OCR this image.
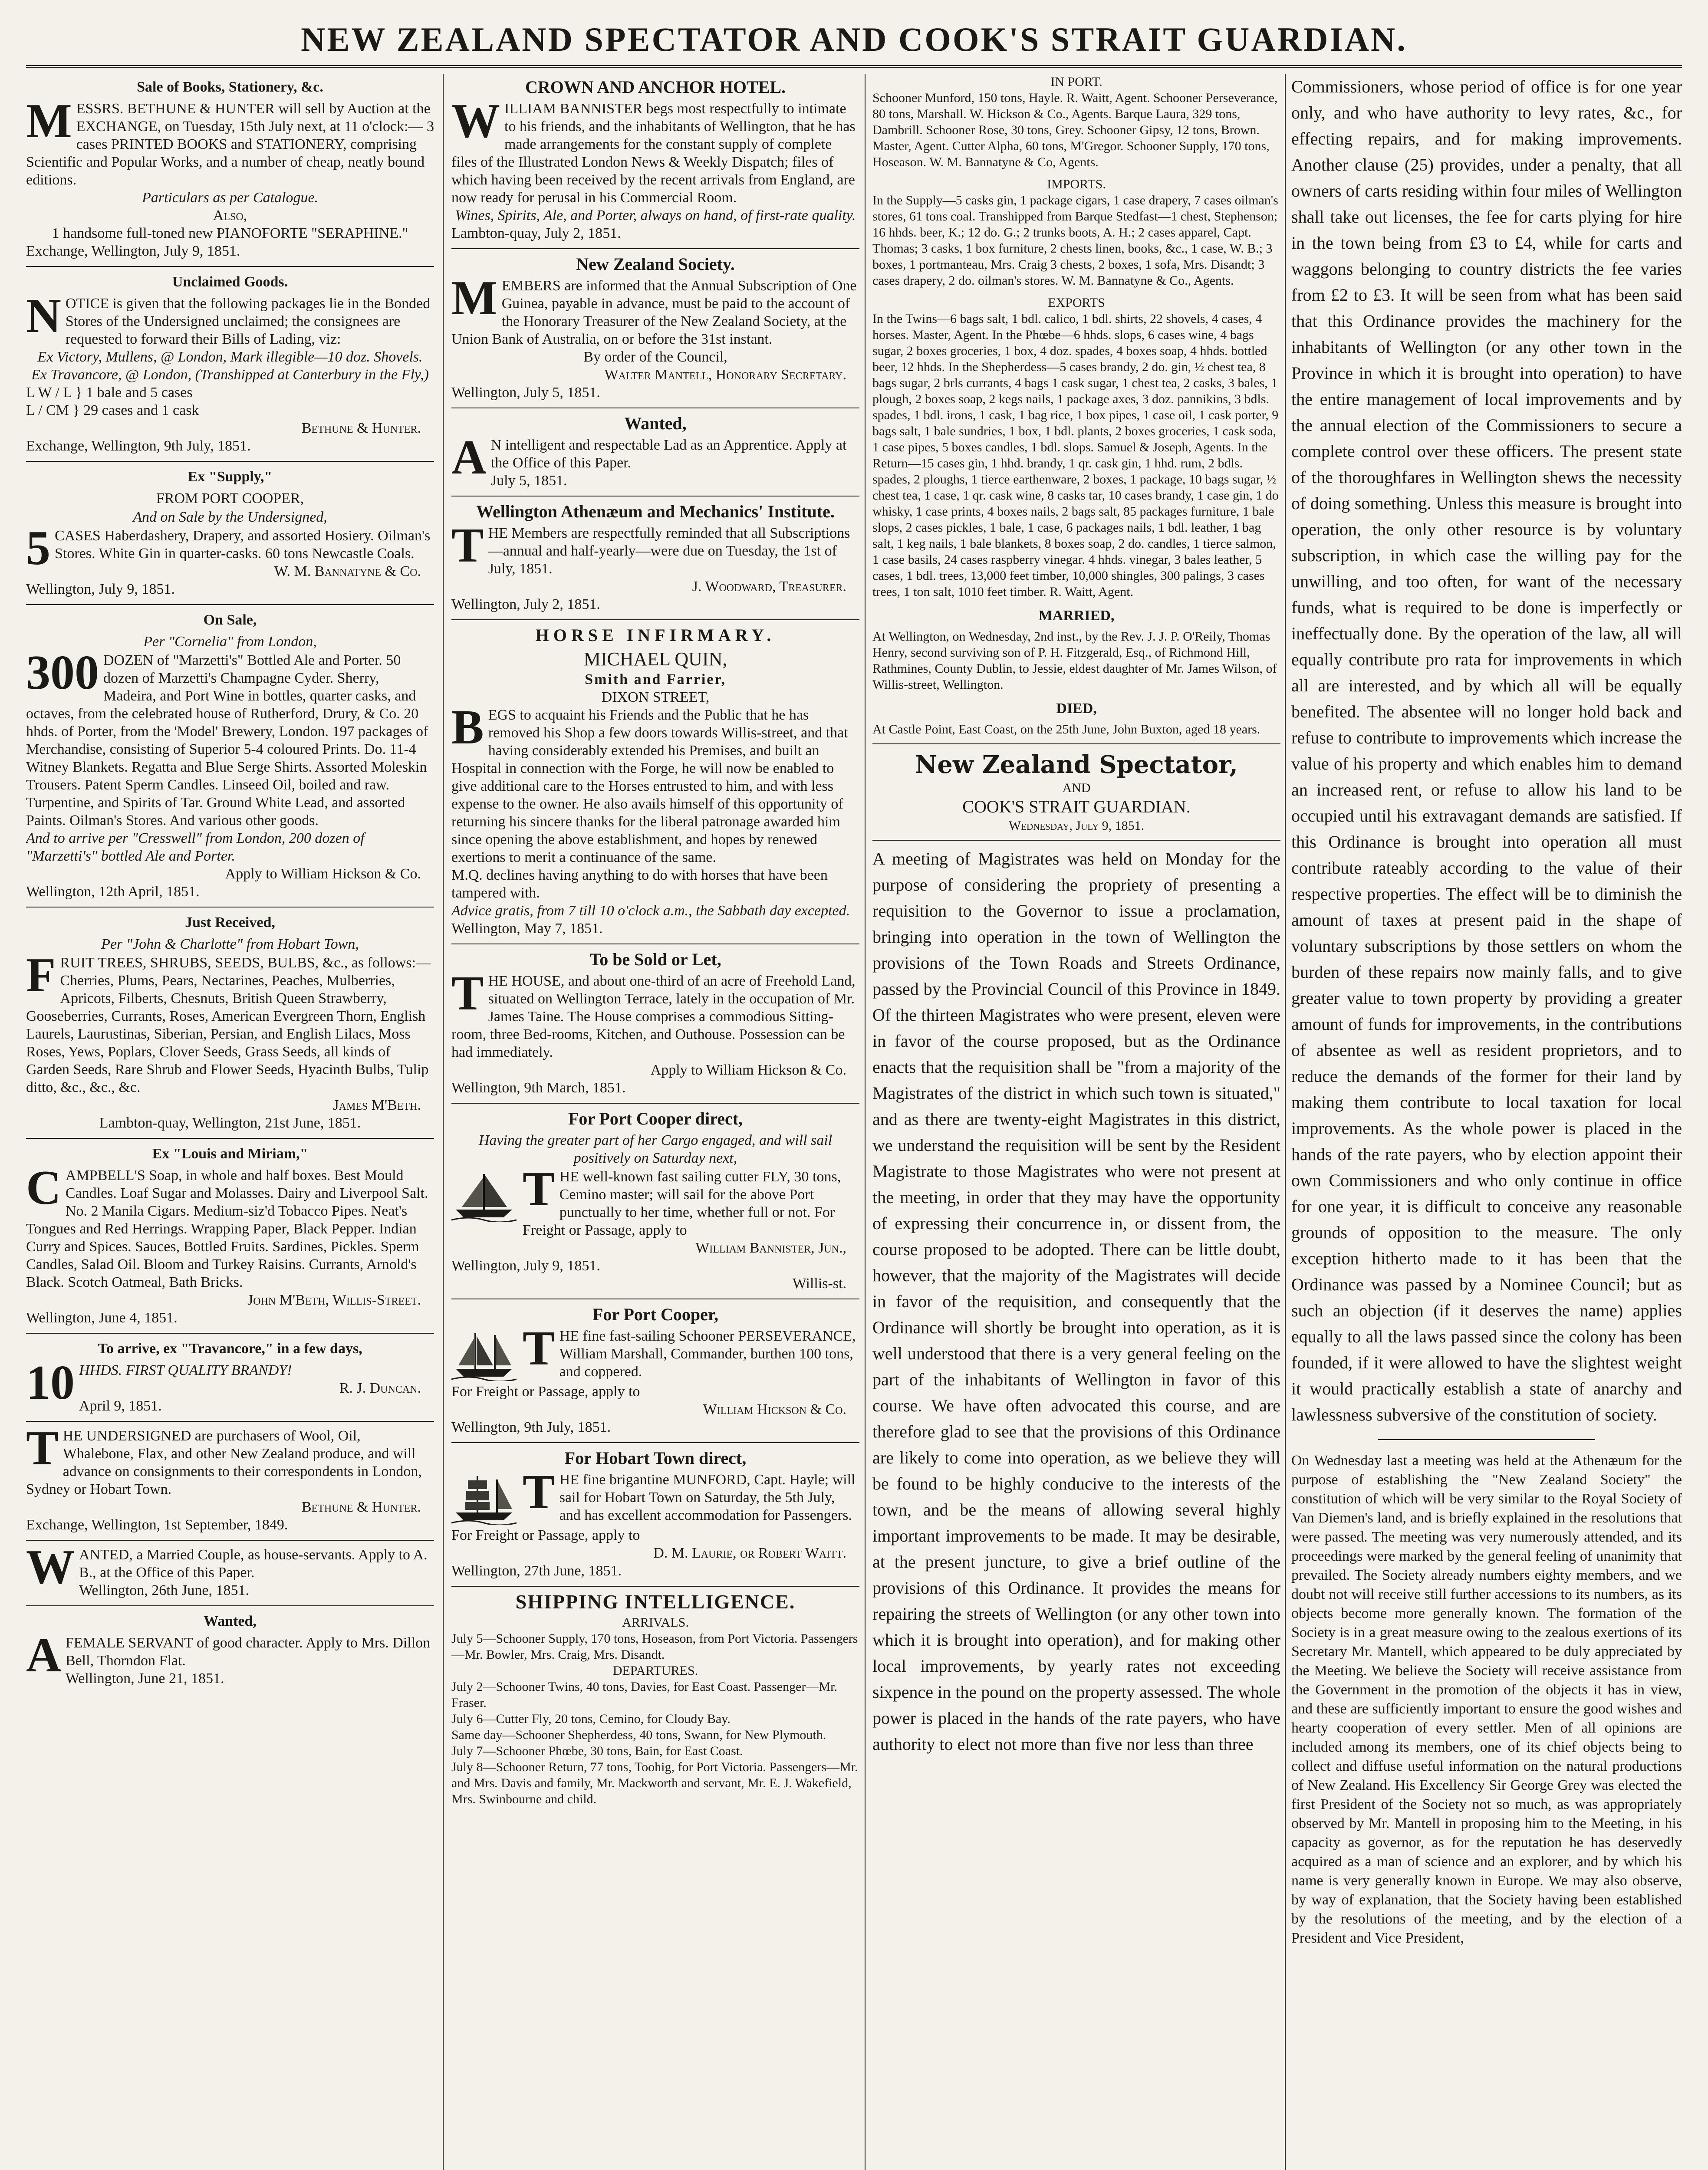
NEW ZEALAND SPECTATOR AND COOK'S STRAIT GUARDIAN.
Sale of Books, Stationery, &c.

MESSRS. BETHUNE & HUNTER will sell by Auction at the EXCHANGE, on Tuesday, 15th July next, at 11 o'clock:— 3 cases PRINTED BOOKS and STATIONERY, comprising Scientific and Popular Works, and a number of cheap, neatly bound editions.

Particulars as per Catalogue.
Also,
1 handsome full-toned new PIANOFORTE "SERAPHINE."
Exchange, Wellington, July 9, 1851.
Unclaimed Goods.

NOTICE is given that the following packages lie in the Bonded Stores of the Undersigned unclaimed; the consignees are requested to forward their Bills of Lading, viz:

Ex Victory, Mullens, @ London, Mark illegible—10 doz. Shovels.
Ex Travancore, @ London, (Transhipped at Canterbury in the Fly,)
L W / L } 1 bale and 5 cases
L / CM } 29 cases and 1 cask
Bethune & Hunter.
Exchange, Wellington, 9th July, 1851.
Ex "Supply,"
FROM PORT COOPER,
And on Sale by the Undersigned,

5 CASES Haberdashery, Drapery, and assorted Hosiery. Oilman's Stores. White Gin in quarter-casks. 60 tons Newcastle Coals.

W. M. Bannatyne & Co.
Wellington, July 9, 1851.
On Sale,
Per "Cornelia" from London,

300 DOZEN of "Marzetti's" Bottled Ale and Porter. 50 dozen of Marzetti's Champagne Cyder. Sherry, Madeira, and Port Wine in bottles, quarter casks, and octaves, from the celebrated house of Rutherford, Drury, & Co. 20 hhds. of Porter, from the 'Model' Brewery, London. 197 packages of Merchandise, consisting of Superior 5-4 coloured Prints. Do. 11-4 Witney Blankets. Regatta and Blue Serge Shirts. Assorted Moleskin Trousers. Patent Sperm Candles. Linseed Oil, boiled and raw. Turpentine, and Spirits of Tar. Ground White Lead, and assorted Paints. Oilman's Stores. And various other goods.

And to arrive per "Cresswell" from London, 200 dozen of "Marzetti's" bottled Ale and Porter.
Apply to William Hickson & Co.
Wellington, 12th April, 1851.
Just Received,
Per "John & Charlotte" from Hobart Town,

FRUIT TREES, SHRUBS, SEEDS, BULBS, &c., as follows:— Cherries, Plums, Pears, Nectarines, Peaches, Mulberries, Apricots, Filberts, Chesnuts, British Queen Strawberry, Gooseberries, Currants, Roses, American Evergreen Thorn, English Laurels, Laurustinas, Siberian, Persian, and English Lilacs, Moss Roses, Yews, Poplars, Clover Seeds, Grass Seeds, all kinds of Garden Seeds, Rare Shrub and Flower Seeds, Hyacinth Bulbs, Tulip ditto, &c., &c., &c.

James M'Beth.
Lambton-quay, Wellington, 21st June, 1851.
Ex "Louis and Miriam,"

CAMPBELL'S Soap, in whole and half boxes. Best Mould Candles. Loaf Sugar and Molasses. Dairy and Liverpool Salt. No. 2 Manila Cigars. Medium-siz'd Tobacco Pipes. Neat's Tongues and Red Herrings. Wrapping Paper, Black Pepper. Indian Curry and Spices. Sauces, Bottled Fruits. Sardines, Pickles. Sperm Candles, Salad Oil. Bloom and Turkey Raisins. Currants, Arnold's Black. Scotch Oatmeal, Bath Bricks.

John M'Beth, Willis-Street.
Wellington, June 4, 1851.
To arrive, ex "Travancore," in a few days,

10 HHDS. FIRST QUALITY BRANDY!

R. J. Duncan.
April 9, 1851.

THE UNDERSIGNED are purchasers of Wool, Oil, Whalebone, Flax, and other New Zealand produce, and will advance on consignments to their correspondents in London, Sydney or Hobart Town.

Bethune & Hunter.
Exchange, Wellington, 1st September, 1849.

WANTED, a Married Couple, as house-servants. Apply to A. B., at the Office of this Paper.

Wellington, 26th June, 1851.
Wanted,

AFEMALE SERVANT of good character. Apply to Mrs. Dillon Bell, Thorndon Flat.

Wellington, June 21, 1851.
CROWN AND ANCHOR HOTEL.

WILLIAM BANNISTER begs most respectfully to intimate to his friends, and the inhabitants of Wellington, that he has made arrangements for the constant supply of complete files of the Illustrated London News & Weekly Dispatch; files of which having been received by the recent arrivals from England, are now ready for perusal in his Commercial Room.

Wines, Spirits, Ale, and Porter, always on hand, of first-rate quality.
Lambton-quay, July 2, 1851.
New Zealand Society.

MEMBERS are informed that the Annual Subscription of One Guinea, payable in advance, must be paid to the account of the Honorary Treasurer of the New Zealand Society, at the Union Bank of Australia, on or before the 31st instant.

By order of the Council,
Walter Mantell, Honorary Secretary.
Wellington, July 5, 1851.
Wanted,

A N intelligent and respectable Lad as an Apprentice. Apply at the Office of this Paper.

July 5, 1851.
Wellington Athenæum and Mechanics' Institute.

THE Members are respectfully reminded that all Subscriptions—annual and half-yearly—were due on Tuesday, the 1st of July, 1851.

J. Woodward, Treasurer.
Wellington, July 2, 1851.
HORSE INFIRMARY.
MICHAEL QUIN,
Smith and Farrier,
DIXON STREET,

BEGS to acquaint his Friends and the Public that he has removed his Shop a few doors towards Willis-street, and that having considerably extended his Premises, and built an Hospital in connection with the Forge, he will now be enabled to give additional care to the Horses entrusted to him, and with less expense to the owner. He also avails himself of this opportunity of returning his sincere thanks for the liberal patronage awarded him since opening the above establishment, and hopes by renewed exertions to merit a continuance of the same.

M.Q. declines having anything to do with horses that have been tampered with.
Advice gratis, from 7 till 10 o'clock a.m., the Sabbath day excepted.
Wellington, May 7, 1851.
To be Sold or Let,

THE HOUSE, and about one-third of an acre of Freehold Land, situated on Wellington Terrace, lately in the occupation of Mr. James Taine. The House comprises a commodious Sitting-room, three Bed-rooms, Kitchen, and Outhouse. Possession can be had immediately.

Apply to William Hickson & Co.
Wellington, 9th March, 1851.
For Port Cooper direct,
Having the greater part of her Cargo engaged, and will sail positively on Saturday next,

THE well-known fast sailing cutter FLY, 30 tons, Cemino master; will sail for the above Port punctually to her time, whether full or not. For Freight or Passage, apply to

William Bannister, Jun.,
Wellington, July 9, 1851.
Willis-st.
For Port Cooper,

THE fine fast-sailing Schooner PERSEVERANCE, William Marshall, Commander, burthen 100 tons, and coppered.

For Freight or Passage, apply to
William Hickson & Co.
Wellington, 9th July, 1851.
For Hobart Town direct,

THE fine brigantine MUNFORD, Capt. Hayle; will sail for Hobart Town on Saturday, the 5th July, and has excellent accommodation for Passengers.

For Freight or Passage, apply to
D. M. Laurie, or Robert Waitt.
Wellington, 27th June, 1851.
SHIPPING INTELLIGENCE.
ARRIVALS.
July 5—Schooner Supply, 170 tons, Hoseason, from Port Victoria. Passengers—Mr. Bowler, Mrs. Craig, Mrs. Disandt.
DEPARTURES.
July 2—Schooner Twins, 40 tons, Davies, for East Coast. Passenger—Mr. Fraser.
July 6—Cutter Fly, 20 tons, Cemino, for Cloudy Bay.
Same day—Schooner Shepherdess, 40 tons, Swann, for New Plymouth.
July 7—Schooner Phœbe, 30 tons, Bain, for East Coast.
July 8—Schooner Return, 77 tons, Toohig, for Port Victoria. Passengers—Mr. and Mrs. Davis and family, Mr. Mackworth and servant, Mr. E. J. Wakefield, Mrs. Swinbourne and child.
IN PORT.
Schooner Munford, 150 tons, Hayle. R. Waitt, Agent. Schooner Perseverance, 80 tons, Marshall. W. Hickson & Co., Agents. Barque Laura, 329 tons, Dambrill. Schooner Rose, 30 tons, Grey. Schooner Gipsy, 12 tons, Brown. Master, Agent. Cutter Alpha, 60 tons, M'Gregor. Schooner Supply, 170 tons, Hoseason. W. M. Bannatyne & Co, Agents.
IMPORTS.
In the Supply—5 casks gin, 1 package cigars, 1 case drapery, 7 cases oilman's stores, 61 tons coal. Transhipped from Barque Stedfast—1 chest, Stephenson; 16 hhds. beer, K.; 12 do. G.; 2 trunks boots, A. H.; 2 cases apparel, Capt. Thomas; 3 casks, 1 box furniture, 2 chests linen, books, &c., 1 case, W. B.; 3 boxes, 1 portmanteau, Mrs. Craig 3 chests, 2 boxes, 1 sofa, Mrs. Disandt; 3 cases drapery, 2 do. oilman's stores. W. M. Bannatyne & Co., Agents.
EXPORTS
In the Twins—6 bags salt, 1 bdl. calico, 1 bdl. shirts, 22 shovels, 4 cases, 4 horses. Master, Agent. In the Phœbe—6 hhds. slops, 6 cases wine, 4 bags sugar, 2 boxes groceries, 1 box, 4 doz. spades, 4 boxes soap, 4 hhds. bottled beer, 12 hhds. In the Shepherdess—5 cases brandy, 2 do. gin, ½ chest tea, 8 bags sugar, 2 brls currants, 4 bags 1 cask sugar, 1 chest tea, 2 casks, 3 bales, 1 plough, 2 boxes soap, 2 kegs nails, 1 package axes, 3 doz. pannikins, 3 bdls. spades, 1 bdl. irons, 1 cask, 1 bag rice, 1 box pipes, 1 case oil, 1 cask porter, 9 bags salt, 1 bale sundries, 1 box, 1 bdl. plants, 2 boxes groceries, 1 cask soda, 1 case pipes, 5 boxes candles, 1 bdl. slops. Samuel & Joseph, Agents. In the Return—15 cases gin, 1 hhd. brandy, 1 qr. cask gin, 1 hhd. rum, 2 bdls. spades, 2 ploughs, 1 tierce earthenware, 2 boxes, 1 package, 10 bags sugar, ½ chest tea, 1 case, 1 qr. cask wine, 8 casks tar, 10 cases brandy, 1 case gin, 1 do whisky, 1 case prints, 4 boxes nails, 2 bags salt, 85 packages furniture, 1 bale slops, 2 cases pickles, 1 bale, 1 case, 6 packages nails, 1 bdl. leather, 1 bag salt, 1 keg nails, 1 bale blankets, 8 boxes soap, 2 do. candles, 1 tierce salmon, 1 case basils, 24 cases raspberry vinegar. 4 hhds. vinegar, 3 bales leather, 5 cases, 1 bdl. trees, 13,000 feet timber, 10,000 shingles, 300 palings, 3 cases trees, 1 ton salt, 1010 feet timber. R. Waitt, Agent.
MARRIED,
At Wellington, on Wednesday, 2nd inst., by the Rev. J. J. P. O'Reily, Thomas Henry, second surviving son of P. H. Fitzgerald, Esq., of Richmond Hill, Rathmines, County Dublin, to Jessie, eldest daughter of Mr. James Wilson, of Willis-street, Wellington.
DIED,
At Castle Point, East Coast, on the 25th June, John Buxton, aged 18 years.
New Zealand Spectator,
AND
COOK'S STRAIT GUARDIAN.
Wednesday, July 9, 1851.

A meeting of Magistrates was held on Monday for the purpose of considering the propriety of presenting a requisition to the Governor to issue a proclamation, bringing into operation in the town of Wellington the provisions of the Town Roads and Streets Ordinance, passed by the Provincial Council of this Province in 1849. Of the thirteen Magistrates who were present, eleven were in favor of the course proposed, but as the Ordinance enacts that the requisition shall be "from a majority of the Magistrates of the district in which such town is situated," and as there are twenty-eight Magistrates in this district, we understand the requisition will be sent by the Resident Magistrate to those Magistrates who were not present at the meeting, in order that they may have the opportunity of expressing their concurrence in, or dissent from, the course proposed to be adopted. There can be little doubt, however, that the majority of the Magistrates will decide in favor of the requisition, and consequently that the Ordinance will shortly be brought into operation, as it is well understood that there is a very general feeling on the part of the inhabitants of Wellington in favor of this course. We have often advocated this course, and are therefore glad to see that the provisions of this Ordinance are likely to come into operation, as we believe they will be found to be highly conducive to the interests of the town, and be the means of allowing several highly important improvements to be made. It may be desirable, at the present juncture, to give a brief outline of the provisions of this Ordinance. It provides the means for repairing the streets of Wellington (or any other town into which it is brought into operation), and for making other local improvements, by yearly rates not exceeding sixpence in the pound on the property assessed. The whole power is placed in the hands of the rate payers, who have authority to elect not more than five nor less than three

Commissioners, whose period of office is for one year only, and who have authority to levy rates, &c., for effecting repairs, and for making improvements. Another clause (25) provides, under a penalty, that all owners of carts residing within four miles of Wellington shall take out licenses, the fee for carts plying for hire in the town being from £3 to £4, while for carts and waggons belonging to country districts the fee varies from £2 to £3. It will be seen from what has been said that this Ordinance provides the machinery for the inhabitants of Wellington (or any other town in the Province in which it is brought into operation) to have the entire management of local improvements and by the annual election of the Commissioners to secure a complete control over these officers. The present state of the thoroughfares in Wellington shews the necessity of doing something. Unless this measure is brought into operation, the only other resource is by voluntary subscription, in which case the willing pay for the unwilling, and too often, for want of the necessary funds, what is required to be done is imperfectly or ineffectually done. By the operation of the law, all will equally contribute pro rata for improvements in which all are interested, and by which all will be equally benefited. The absentee will no longer hold back and refuse to contribute to improvements which increase the value of his property and which enables him to demand an increased rent, or refuse to allow his land to be occupied until his extravagant demands are satisfied. If this Ordinance is brought into operation all must contribute rateably according to the value of their respective properties. The effect will be to diminish the amount of taxes at present paid in the shape of voluntary subscriptions by those settlers on whom the burden of these repairs now mainly falls, and to give greater value to town property by providing a greater amount of funds for improvements, in the contributions of absentee as well as resident proprietors, and to reduce the demands of the former for their land by making them contribute to local taxation for local improvements. As the whole power is placed in the hands of the rate payers, who by election appoint their own Commissioners and who only continue in office for one year, it is difficult to conceive any reasonable grounds of opposition to the measure. The only exception hitherto made to it has been that the Ordinance was passed by a Nominee Council; but as such an objection (if it deserves the name) applies equally to all the laws passed since the colony has been founded, if it were allowed to have the slightest weight it would practically establish a state of anarchy and lawlessness subversive of the constitution of society.

On Wednesday last a meeting was held at the Athenæum for the purpose of establishing the "New Zealand Society" the constitution of which will be very similar to the Royal Society of Van Diemen's land, and is briefly explained in the resolutions that were passed. The meeting was very numerously attended, and its proceedings were marked by the general feeling of unanimity that prevailed. The Society already numbers eighty members, and we doubt not will receive still further accessions to its numbers, as its objects become more generally known. The formation of the Society is in a great measure owing to the zealous exertions of its Secretary Mr. Mantell, which appeared to be duly appreciated by the Meeting. We believe the Society will receive assistance from the Government in the promotion of the objects it has in view, and these are sufficiently important to ensure the good wishes and hearty cooperation of every settler. Men of all opinions are included among its members, one of its chief objects being to collect and diffuse useful information on the natural productions of New Zealand. His Excellency Sir George Grey was elected the first President of the Society not so much, as was appropriately observed by Mr. Mantell in proposing him to the Meeting, in his capacity as governor, as for the reputation he has deservedly acquired as a man of science and an explorer, and by which his name is very generally known in Europe. We may also observe, by way of explanation, that the Society having been established by the resolutions of the meeting, and by the election of a President and Vice President,
